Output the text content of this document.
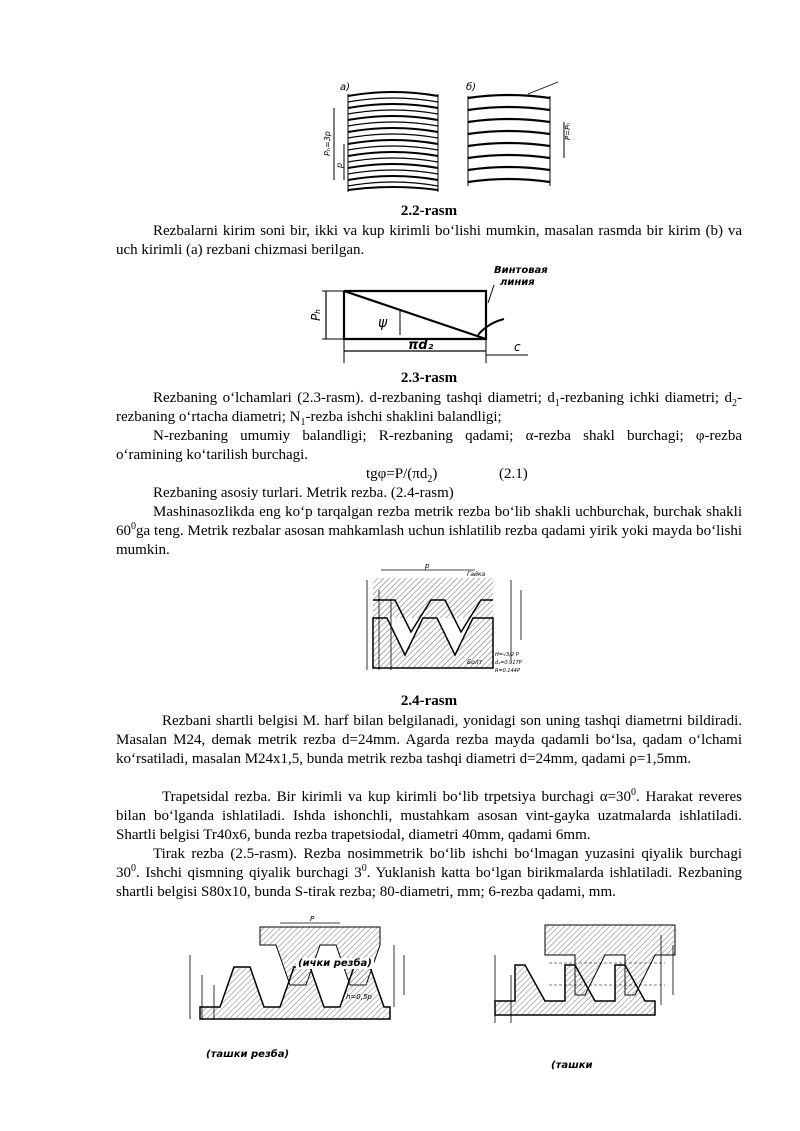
a)	б)
Pₕ=3p
p
P=Pₕ
2.2-rasm
Rezbalarni kirim soni bir, ikki va kup kirimli boʻlishi mumkin, masalan rasmda bir kirim (b) va uch kirimli (a) rezbani chizmasi berilgan.
Винтовая
линия
Pₕ
ψ
πd₂	c
2.3-rasm
Rezbaning oʻlchamlari (2.3-rasm). d-rezbaning tashqi diametri; $d_1$-rezbaning ichki diametri; $d_2$-rezbaning oʻrtacha diametri; $N_1$-rezba ishchi shaklini balandligi;
N-rezbaning umumiy balandligi; R-rezbaning qadami; α-rezba shakl burchagi; φ-rezba oʻramining koʻtarilish burchagi.
$tg\varphi=P/(\pi d_2)$	(2.1)
Rezbaning asosiy turlari. Metrik rezba. (2.4-rasm)
Mashinasozlikda eng koʻp tarqalgan rezba metrik rezba boʻlib shakli uchburchak, burchak shakli $60^0ga$ teng. Metrik rezbalar asosan mahkamlash uchun ishlatilib rezba qadami yirik yoki mayda boʻlishi mumkin.
p
Гайка
Болт
H=√3/2 P
d₁=0.917P
R=0.144P
2.4-rasm
Rezbani shartli belgisi M. harf bilan belgilanadi, yonidagi son uning tashqi diametrni bildiradi. Masalan M24, demak metrik rezba d=24mm. Agarda rezba mayda qadamli boʻlsa, qadam oʻlchami koʻrsatiladi, masalan M24x1,5, bunda metrik rezba tashqi diametri d=24mm, qadami ρ=1,5mm.
Trapetsidal rezba. Bir kirimli va kup kirimli boʻlib trpetsiya burchagi $\alpha=30^0$. Harakat reveres bilan boʻlganda ishlatiladi. Ishda ishonchli, mustahkam asosan vint-gayka uzatmalarda ishlatiladi. Shartli belgisi Tr40x6, bunda rezba trapetsiodal, diametri 40mm, qadami 6mm.
Tirak rezba (2.5-rasm). Rezba nosimmetrik boʻlib ishchi boʻlmagan yuzasini qiyalik burchagi $30^0$. Ishchi qismning qiyalik burchagi $3^0$. Yuklanish katta boʻlgan birikmalarda ishlatiladi. Rezbaning shartli belgisi S80x10, bunda S-tirak rezba; 80-diametri, mm; 6-rezba qadami, mm.
P
h=0,5p
(ички резба)
(ташки резба)
(ташки
